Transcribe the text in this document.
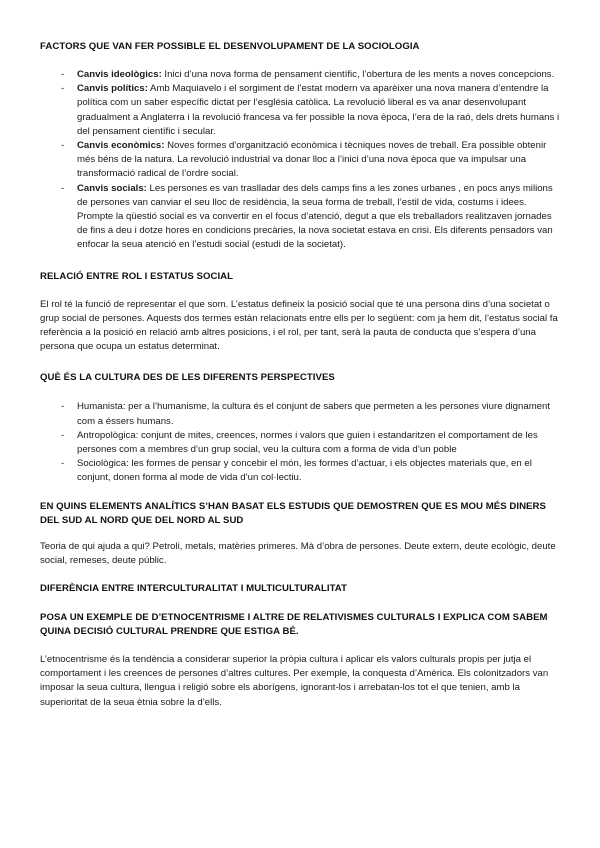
FACTORS QUE VAN FER POSSIBLE EL DESENVOLUPAMENT DE LA SOCIOLOGIA
- Canvis ideològics: Inici d’una nova forma de pensament científic, l’obertura de les ments a noves concepcions.
- Canvis polítics: Amb Maquiavelo i el sorgiment de l’estat modern va aparèixer una nova manera d’entendre la política com un saber específic dictat per l’església catòlica. La revolució liberal es va anar desenvolupant gradualment a Anglaterra i la revolució francesa va fer possible la nova època, l’era de la raó, dels drets humans i del pensament científic i secular.
- Canvis econòmics: Noves formes d’organització econòmica i tècniques noves de treball. Era possible obtenir més béns de la natura. La revolució industrial va donar lloc a l’inici d’una nova època que va impulsar una transformació radical de l’ordre social.
- Canvis socials: Les persones es van traslladar des dels camps fins a les zones urbanes , en pocs anys milions de persones van canviar el seu lloc de residència, la seua forma de treball, l’estil de vida, costums i idees. Prompte la qüestió social es va convertir en el focus d’atenció, degut a que els treballadors realitzaven jornades de fins a deu i dotze hores en condicions precàries, la nova societat estava en crisi. Els diferents pensadors van enfocar la seua atenció en l’estudi social (estudi de la societat).
RELACIÓ ENTRE ROL I ESTATUS SOCIAL

El rol té la funció de representar el que som. L’estatus defineix la posició social que té una persona dins d’una societat o grup social de persones. Aquests dos termes estàn relacionats entre ells per lo següent: com ja hem dit, l’estatus social fa referència a la posició en relació amb altres posicions, i el rol, per tant, serà la pauta de conducta que s’espera d’una persona que ocupa un estatus determinat.

QUÈ ÉS LA CULTURA DES DE LES DIFERENTS PERSPECTIVES
- Humanista: per a l’humanisme, la cultura és el conjunt de sabers que permeten a les persones viure dignament com a éssers humans.
- Antropològica: conjunt de mites, creences, normes i valors que guien i estandaritzen el comportament de les persones com a membres d’un grup social, veu la cultura com a forma de vida d’un poble
- Sociològica: les formes de pensar y concebir el món, les formes d’actuar, i els objectes materials que, en el conjunt, donen forma al mode de vida d’un col·lectiu.
EN QUINS ELEMENTS ANALÍTICS S’HAN BASAT ELS ESTUDIS QUE DEMOSTREN QUE ES MOU MÉS DINERS DEL SUD AL NORD QUE DEL NORD AL SUD

Teoria de qui ajuda a qui? Petroli, metals, matèries primeres. Mà d’obra de persones. Deute extern, deute ecològic, deute social, remeses, deute públic.

DIFERÈNCIA ENTRE INTERCULTURALITAT I MULTICULTURALITAT
POSA UN EXEMPLE DE D’ETNOCENTRISME I ALTRE DE RELATIVISMES CULTURALS I EXPLICA COM SABEM QUINA DECISIÓ CULTURAL PRENDRE QUE ESTIGA BÉ.

L’etnocentrisme és la tendència a considerar superior la pròpia cultura i aplicar els valors culturals propis per jutja el comportament i les creences de persones d’altres cultures. Per exemple, la conquesta d’Amèrica. Els colonitzadors van imposar la seua cultura, llengua i religió sobre els aborígens, ignorant-los i arrebatan-los tot el que tenien, amb la superioritat de la seua ètnia sobre la d’ells.
